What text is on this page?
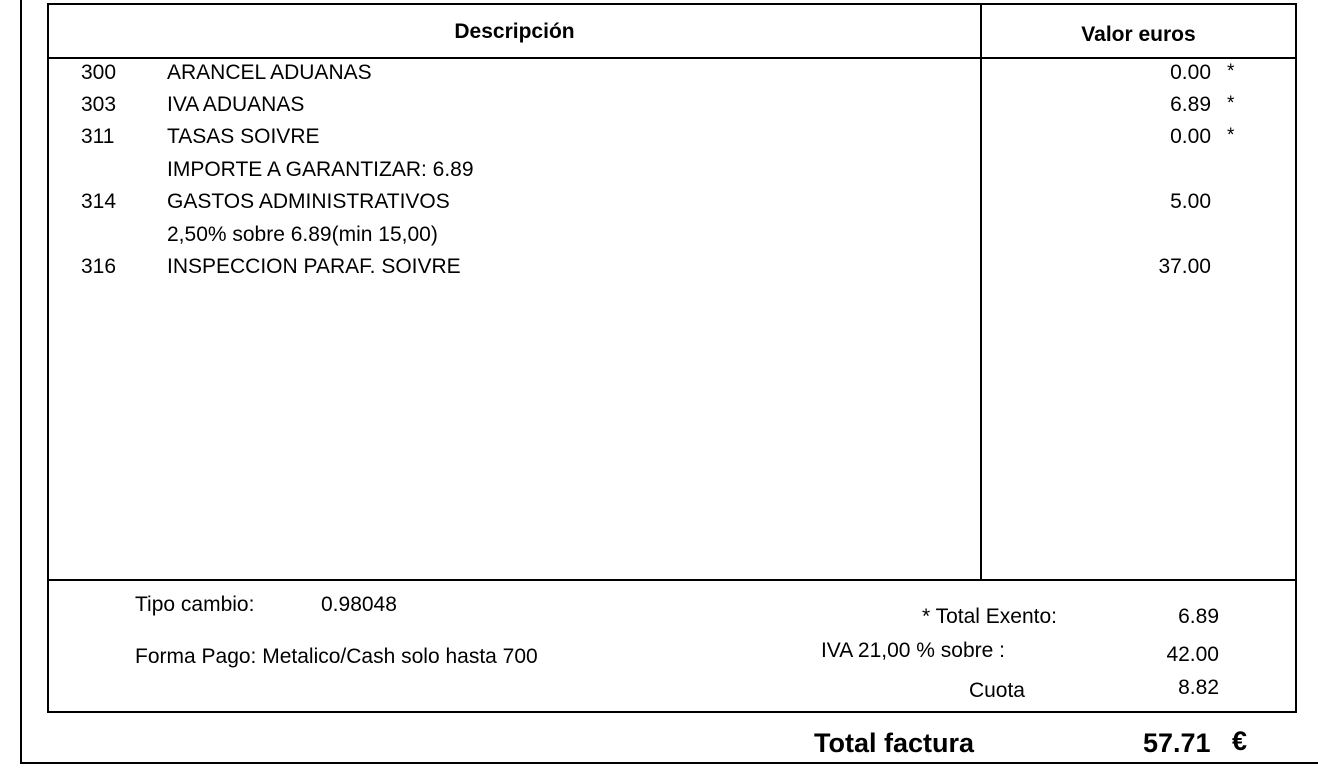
Descripción	Valor euros
300 ARANCEL ADUANAS	0.00 *
303 IVA ADUANAS	6.89 *
311	TASAS SOIVRE	0.00 *
IMPORTE A GARANTIZAR: 6.89
314 GASTOS ADMINISTRATIVOS	5.00
2,50% sobre 6.89(min 15,00)
316 INSPECCION PARAF. SOIVRE	37.00
Tipo cambio:	0.98048
Forma Pago: Metalico/Cash solo hasta 700
* Total Exento:	6.89
IVA 21,00 % sobre :	42.00
Cuota	8.82
Total factura	57.71 €
